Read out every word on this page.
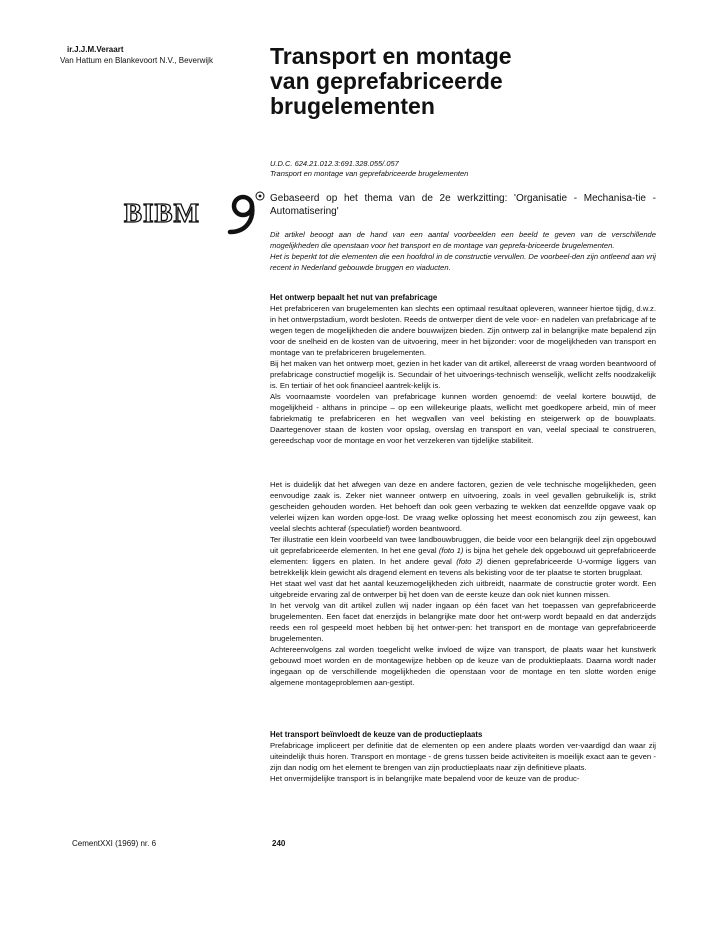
ir.J.J.M.Veraart
Van Hattum en Blankevoort N.V., Beverwijk Transport en montage
van geprefabriceerde
brugelementen
U.D.C. 624.21.012.3:691.328.055/.057
Transport en montage van geprefabriceerde brugelementen
BIBM	Gebaseerd op het thema van de 2e werkzitting: 'Organisatie - Mechanisa-tie - Automatisering'

Dit artikel beoogt aan de hand van een aantal voorbeelden een beeld te geven van de verschillende mogelijkheden die openstaan voor het transport en de montage van geprefa-briceerde brugelementen.

Het is beperkt tot die elementen die een hoofdrol in de constructie vervullen. De voorbeel-den zijn ontleend aan vrij recent in Nederland gebouwde bruggen en viaducten.

Het ontwerp bepaalt het nut van prefabricage

Het prefabriceren van brugelementen kan slechts een optimaal resultaat opleveren, wanneer hiertoe tijdig, d.w.z. in het ontwerpstadium, wordt besloten. Reeds de ontwerper dient de vele voor- en nadelen van prefabricage af te wegen tegen de mogelijkheden die andere bouwwijzen bieden. Zijn ontwerp zal in belangrijke mate bepalend zijn voor de snelheid en de kosten van de uitvoering, meer in het bijzonder: voor de mogelijkheden van transport en montage van te prefabriceren brugelementen.

Bij het maken van het ontwerp moet, gezien in het kader van dit artikel, allereerst de vraag worden beantwoord of prefabricage constructief mogelijk is. Secundair of het uitvoerings-technisch wenselijk, wellicht zelfs noodzakelijk is. En tertiair of het ook financieel aantrek-kelijk is.

Als voornaamste voordelen van prefabricage kunnen worden genoemd: de veelal kortere bouwtijd, de mogelijkheid - althans in principe – op een willekeurige plaats, wellicht met goedkopere arbeid, min of meer fabriekmatig te prefabriceren en het wegvallen van veel bekisting en steigerwerk op de bouwplaats. Daartegenover staan de kosten voor opslag, overslag en transport en van, veelal speciaal te construeren, gereedschap voor de montage en voor het verzekeren van tijdelijke stabiliteit.

Het is duidelijk dat het afwegen van deze en andere factoren, gezien de vele technische mogelijkheden, geen eenvoudige zaak is. Zeker niet wanneer ontwerp en uitvoering, zoals in veel gevallen gebruikelijk is, strikt gescheiden gehouden worden. Het behoeft dan ook geen verbazing te wekken dat eenzelfde opgave vaak op velerlei wijzen kan worden opge-lost. De vraag welke oplossing het meest economisch zou zijn geweest, kan veelal slechts achteraf (speculatief) worden beantwoord.

Ter illustratie een klein voorbeeld van twee landbouwbruggen, die beide voor een belangrijk deel zijn opgebouwd uit geprefabriceerde elementen. In het ene geval (foto 1) is bijna het gehele dek opgebouwd uit geprefabriceerde elementen: liggers en platen. In het andere geval (foto 2) dienen geprefabriceerde U-vormige liggers van betrekkelijk klein gewicht als dragend element en tevens als bekisting voor de ter plaatse te storten brugplaat.

Het staat wel vast dat het aantal keuzemogelijkheden zich uitbreidt, naarmate de constructie groter wordt. Een uitgebreide ervaring zal de ontwerper bij het doen van de eerste keuze dan ook niet kunnen missen.

In het vervolg van dit artikel zullen wij nader ingaan op één facet van het toepassen van geprefabriceerde brugelementen. Een facet dat enerzijds in belangrijke mate door het ont-werp wordt bepaald en dat anderzijds reeds een rol gespeeld moet hebben bij het ontwer-pen: het transport en de montage van geprefabriceerde brugelementen.

Achtereenvolgens zal worden toegelicht welke invloed de wijze van transport, de plaats waar het kunstwerk gebouwd moet worden en de montagewijze hebben op de keuze van de produktieplaats. Daarna wordt nader ingegaan op de verschillende mogelijkheden die openstaan voor de montage en ten slotte worden enige algemene montageproblemen aan-gestipt.

Het transport beïnvloedt de keuze van de productieplaats

Prefabricage impliceert per definitie dat de elementen op een andere plaats worden ver-vaardigd dan waar zij uiteindelijk thuis horen. Transport en montage - de grens tussen beide activiteiten is moeilijk exact aan te geven - zijn dan nodig om het element te brengen van zijn productieplaats naar zijn definitieve plaats.

Het onvermijdelijke transport is in belangrijke mate bepalend voor de keuze van de produc-

CementXXI (1969) nr. 6	240
